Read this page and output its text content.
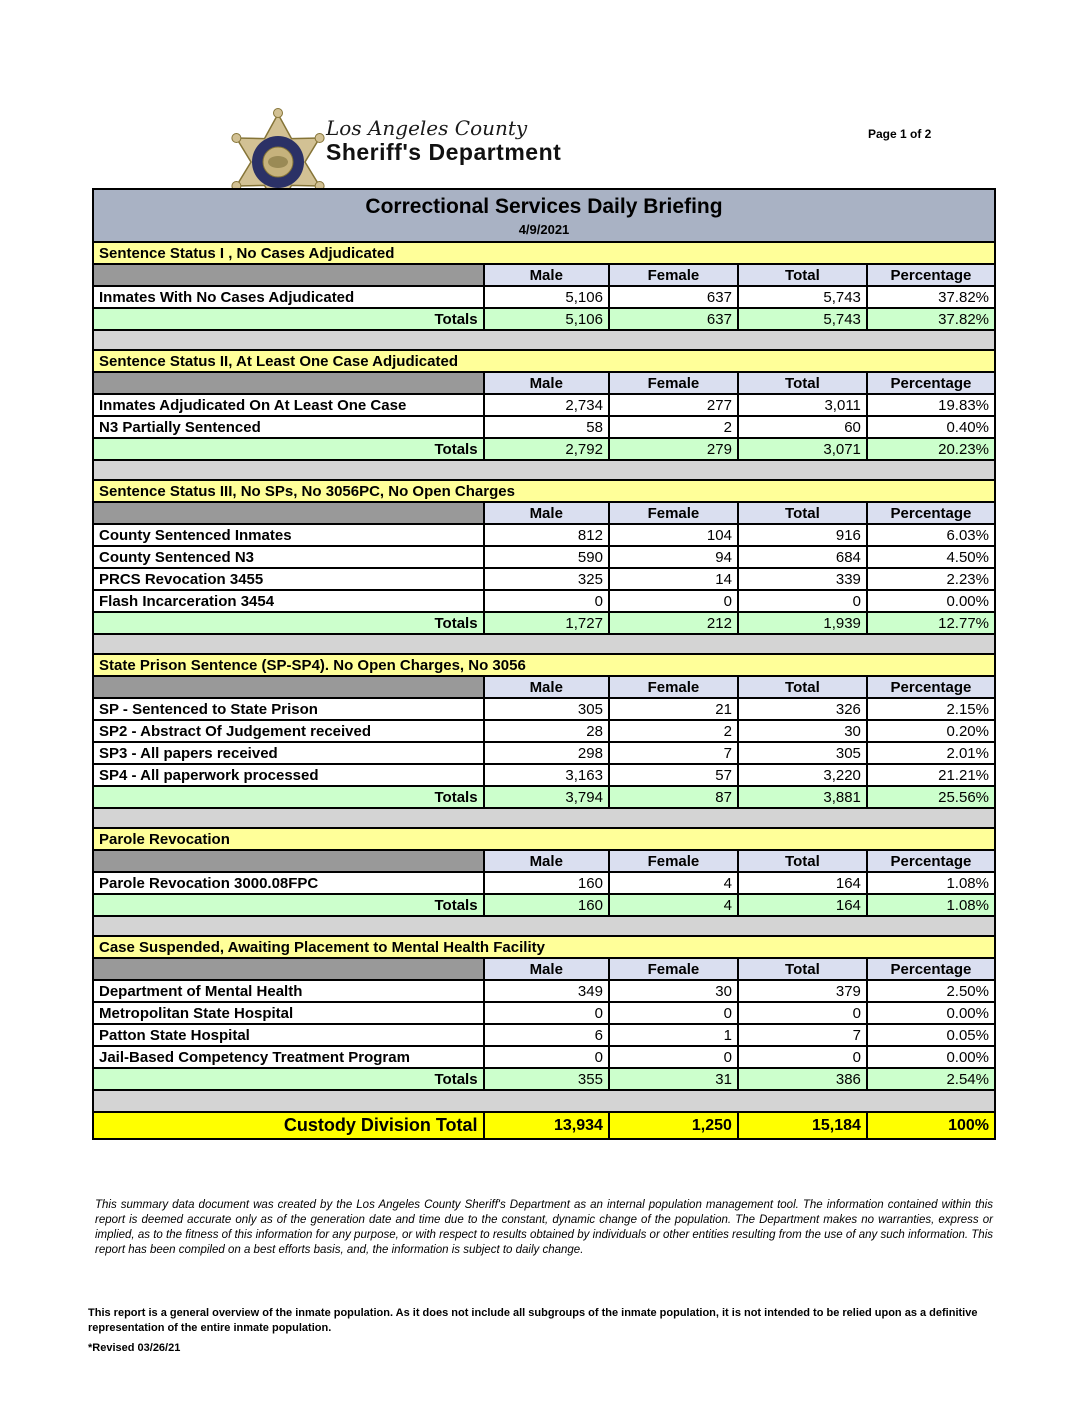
Los Angeles County
Sheriff's Department
Page 1 of 2
Correctional Services Daily Briefing
4/9/2021
Sentence Status I , No Cases Adjudicated				
	Male	Female	Total	Percentage
Inmates With No Cases Adjudicated	5,106	637	5,743	37.82%
Totals	5,106	637	5,743	37.82%
Sentence Status II, At Least One Case Adjudicated				
	Male	Female	Total	Percentage
Inmates Adjudicated On At Least One Case	2,734	277	3,011	19.83%
N3 Partially Sentenced	58	2	60	0.40%
Totals	2,792	279	3,071	20.23%
Sentence Status III, No SPs, No 3056PC, No Open Charges				
	Male	Female	Total	Percentage
County Sentenced Inmates	812	104	916	6.03%
County Sentenced N3	590	94	684	4.50%
PRCS Revocation 3455	325	14	339	2.23%
Flash Incarceration 3454	0	0	0	0.00%
Totals	1,727	212	1,939	12.77%
State Prison Sentence (SP-SP4). No Open Charges, No 3056				
	Male	Female	Total	Percentage
SP - Sentenced to State Prison	305	21	326	2.15%
SP2 - Abstract Of Judgement received	28	2	30	0.20%
SP3 - All papers received	298	7	305	2.01%
SP4 - All paperwork processed	3,163	57	3,220	21.21%
Totals	3,794	87	3,881	25.56%
Parole Revocation				
	Male	Female	Total	Percentage
Parole Revocation 3000.08FPC	160	4	164	1.08%
Totals	160	4	164	1.08%
Case Suspended, Awaiting Placement to Mental Health Facility				
	Male	Female	Total	Percentage
Department of Mental Health	349	30	379	2.50%
Metropolitan State Hospital	0	0	0	0.00%
Patton State Hospital	6	1	7	0.05%
Jail-Based Competency Treatment Program	0	0	0	0.00%
Totals	355	31	386	2.54%
Custody Division Total	13,934	1,250	15,184	100%
This summary data document was created by the Los Angeles County Sheriff's Department as an internal population management tool. The information contained within this report is deemed accurate only as of the generation date and time due to the constant, dynamic change of the population. The Department makes no warranties, express or implied, as to the fitness of this information for any purpose, or with respect to results obtained by individuals or other entities resulting from the use of any such information. This report has been compiled on a best efforts basis, and, the information is subject to daily change.
This report is a general overview of the inmate population. As it does not include all subgroups of the inmate population, it is not intended to be relied upon as a definitive representation of the entire inmate population.
*Revised 03/26/21
